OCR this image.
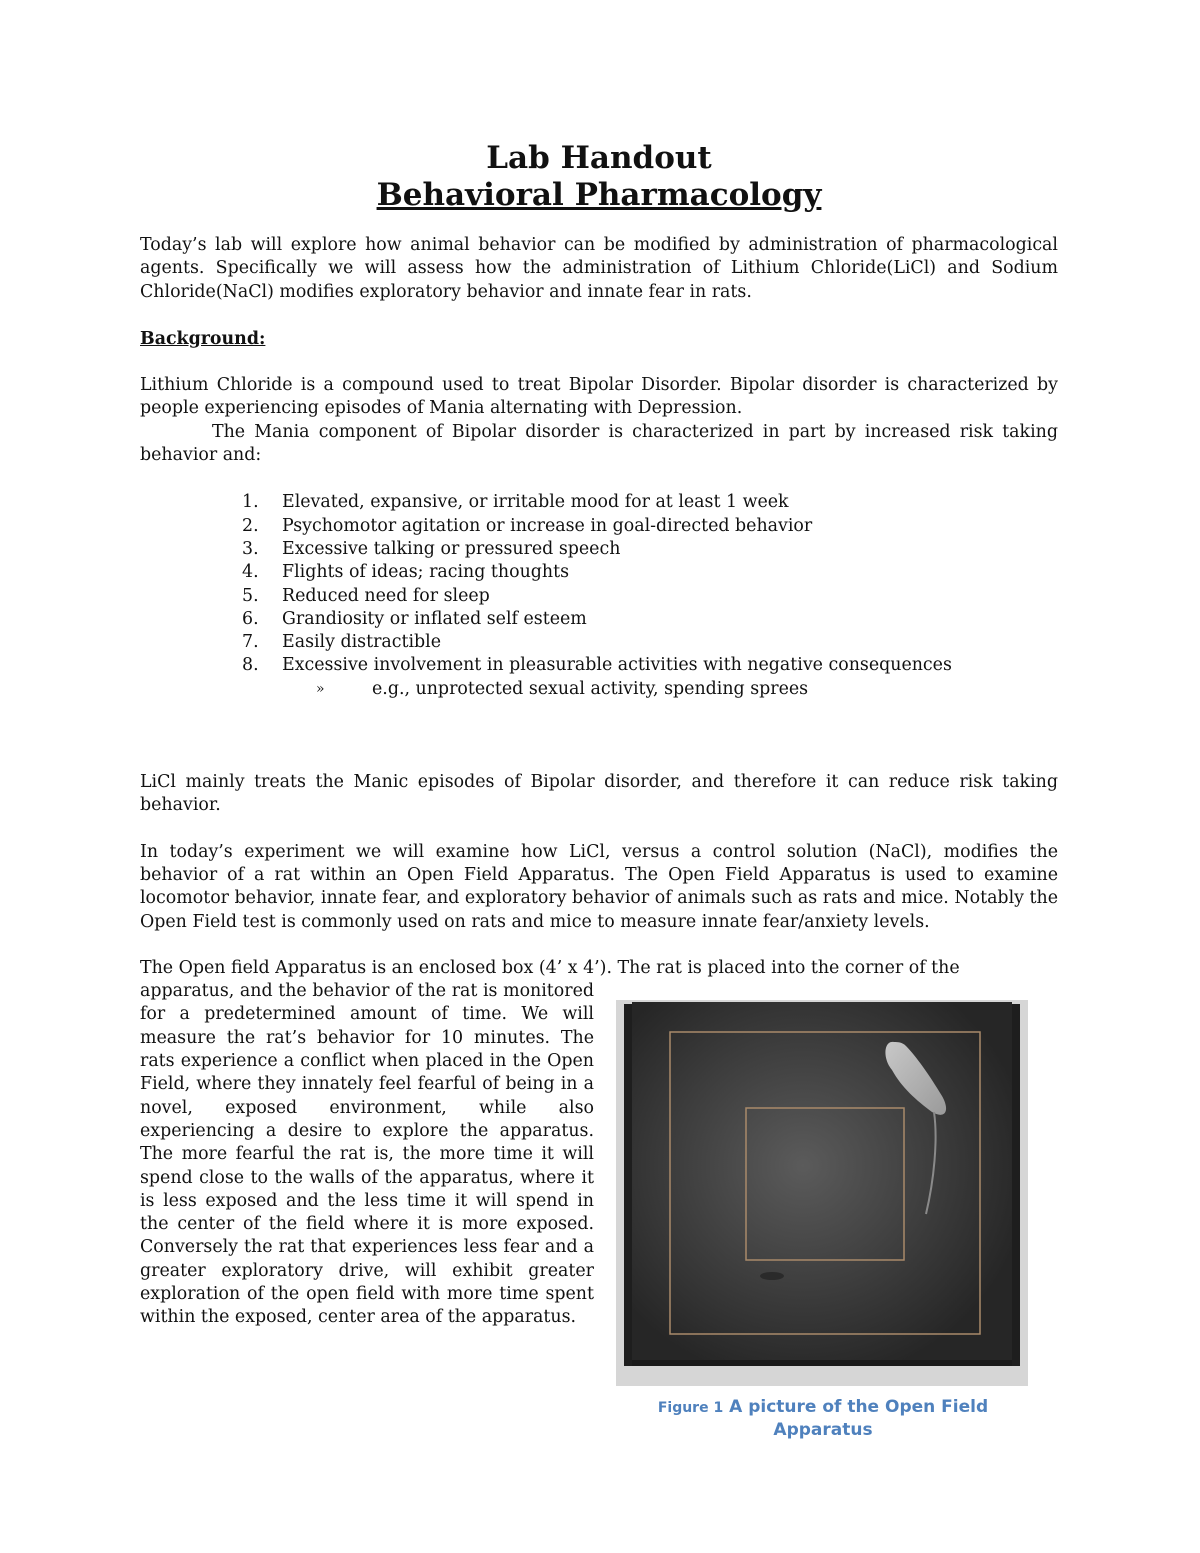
Lab Handout
Behavioral Pharmacology

Today’s lab will explore how animal behavior can be modified by administration of pharmacological agents. Specifically we will assess how the administration of Lithium Chloride(LiCl) and Sodium Chloride(NaCl) modifies exploratory behavior and innate fear in rats.

Background:

Lithium Chloride is a compound used to treat Bipolar Disorder. Bipolar disorder is characterized by people experiencing episodes of Mania alternating with Depression.

The Mania component of Bipolar disorder is characterized in part by increased risk taking behavior and:

1.	Elevated, expansive, or irritable mood for at least 1 week
2.	Psychomotor agitation or increase in goal-directed behavior
3.	Excessive talking or pressured speech
4.	Flights of ideas; racing thoughts
5.	Reduced need for sleep
6.	Grandiosity or inflated self esteem
7.	Easily distractible
8.	Excessive involvement in pleasurable activities with negative consequences
»	e.g., unprotected sexual activity, spending sprees

LiCl mainly treats the Manic episodes of Bipolar disorder, and therefore it can reduce risk taking behavior.

In today’s experiment we will examine how LiCl, versus a control solution (NaCl), modifies the behavior of a rat within an Open Field Apparatus. The Open Field Apparatus is used to examine locomotor behavior, innate fear, and exploratory behavior of animals such as rats and mice. Notably the Open Field test is commonly used on rats and mice to measure innate fear/anxiety levels.

The Open field Apparatus is an enclosed box (4’ x 4’). The rat is placed into the corner of the

apparatus, and the behavior of the rat is monitored for a predetermined amount of time. We will measure the rat’s behavior for 10 minutes. The rats experience a conflict when placed in the Open Field, where they innately feel fearful of being in a novel, exposed environment, while also experiencing a desire to explore the apparatus. The more fearful the rat is, the more time it will spend close to the walls of the apparatus, where it is less exposed and the less time it will spend in the center of the field where it is more exposed. Conversely the rat that experiences less fear and a greater exploratory drive, will exhibit greater exploration of the open field with more time spent within the exposed, center area of the apparatus.

Figure 1 A picture of the Open Field Apparatus
